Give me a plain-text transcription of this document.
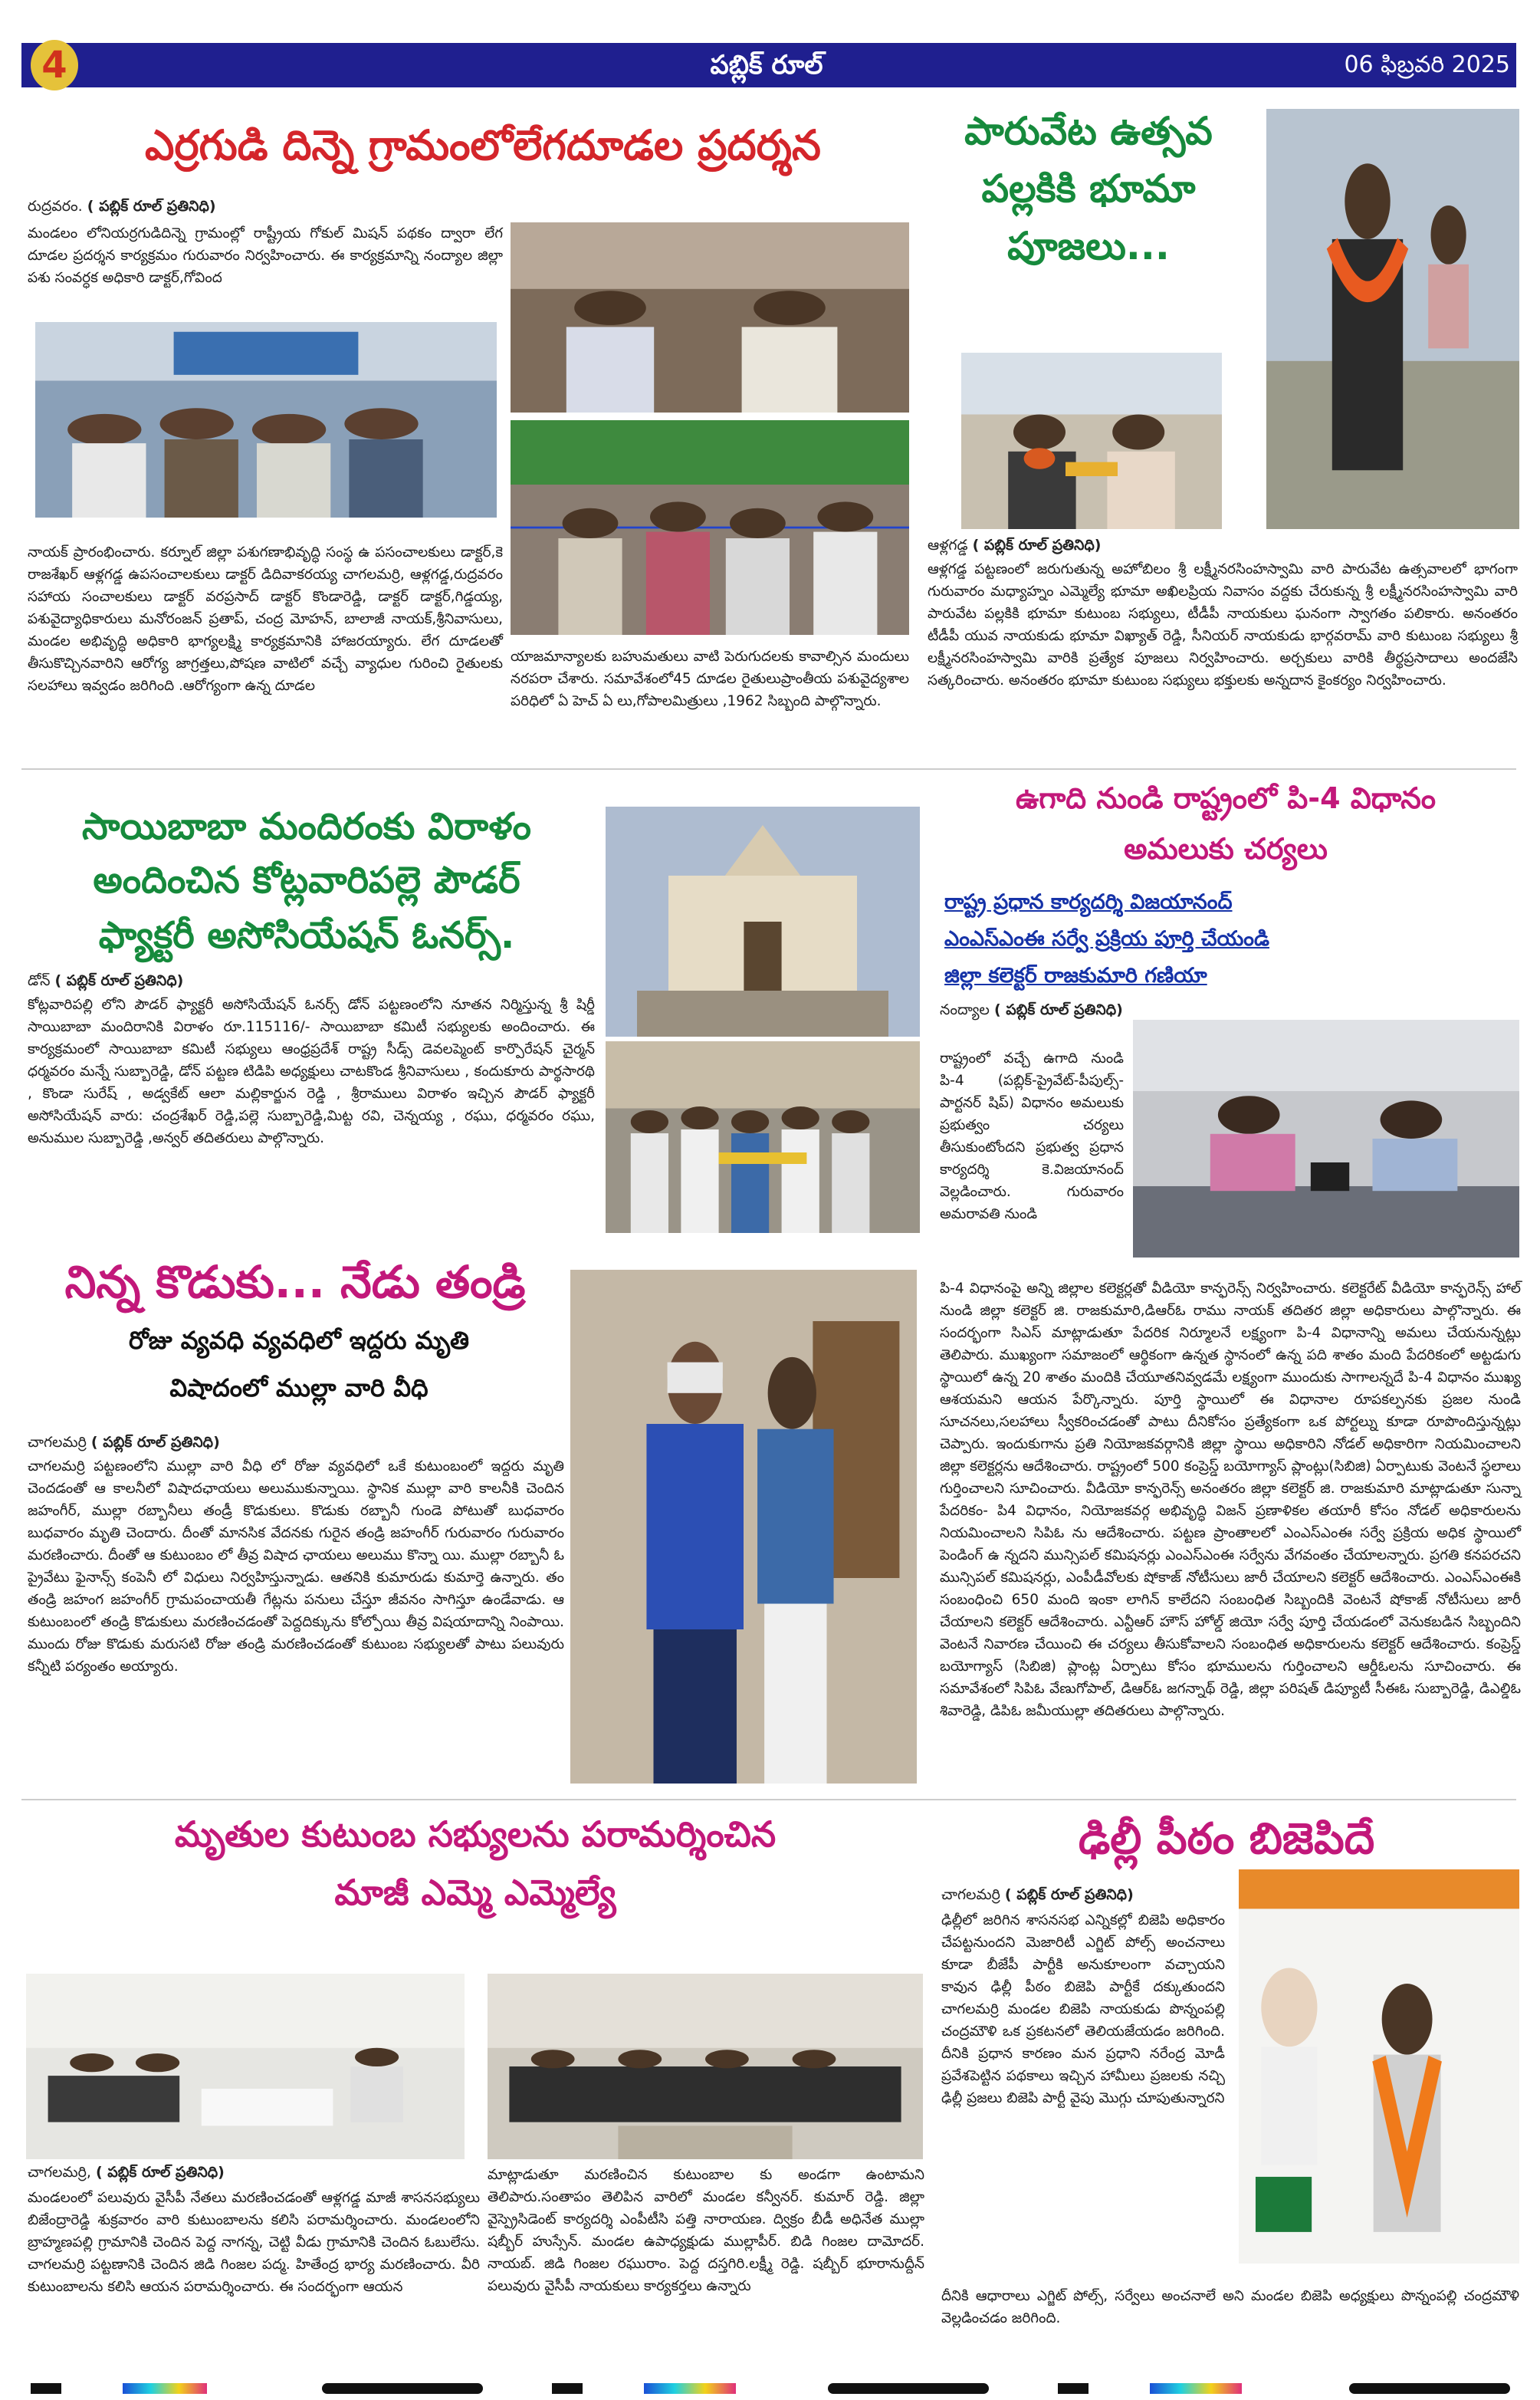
4	పబ్లిక్ రూల్	06 ఫిబ్రవరి 2025
ఎర్రగుడి దిన్నె గ్రామంలోలేగదూడల ప్రదర్శన
రుద్రవరం. ( పబ్లిక్ రూల్ ప్రతినిధి)
మండలం లోనియర్రగుడిదిన్నె గ్రామంల్లో రాష్ట్రీయ గోకుల్ మిషన్ పథకం ద్వారా లేగ దూడల ప్రదర్శన కార్యక్రమం గురువారం నిర్వహించారు. ఈ కార్యక్రమాన్ని నంద్యాల జిల్లా పశు సంవర్ధక అధికారి డాక్టర్,గోవింద
నాయక్ ప్రారంభించారు. కర్నూల్ జిల్లా పశుగణాభివృద్ధి సంస్థ ఉ పసంచాలకులు డాక్టర్,కె రాజశేఖర్ ఆళ్లగడ్డ ఉపసంచాలకులు డాక్టర్ డిదివాకరయ్య చాగలమర్రి, ఆళ్లగడ్డ,రుద్రవరం సహాయ సంచాలకులు డాక్టర్ వరప్రసాద్ డాక్టర్ కొండారెడ్డి, డాక్టర్ డాక్టర్,గిడ్డయ్య, పశువైద్యాధికారులు మనోరంజన్ ప్రతాప్, చంద్ర మోహన్, బాలాజీ నాయక్,శ్రీనివాసులు, మండల అభివృద్ధి అధికారి భాగ్యలక్ష్మి కార్యక్రమానికి హాజరయ్యారు. లేగ దూడలతో తీసుకొచ్చినవారిని ఆరోగ్య జాగ్రత్తలు,పోషణ వాటిలో వచ్చే వ్యాధుల గురించి రైతులకు సలహాలు ఇవ్వడం జరిగింది .ఆరోగ్యంగా ఉన్న దూడల
యాజమాన్యాలకు బహుమతులు వాటి పెరుగుదలకు కావాల్సిన మందులు నరపరా చేశారు. సమావేశంలో45 దూడల రైతులుప్రాంతీయ పశువైద్యశాల పరిధిలో ఏ హెచ్ ఏ లు,గోపాలమిత్రులు ,1962 సిబ్బంది పాల్గొన్నారు.
పారువేట ఉత్సవ
పల్లకికి భూమా
పూజలు...
ఆళ్లగడ్డ ( పబ్లిక్ రూల్ ప్రతినిధి)
ఆళ్లగడ్డ పట్టణంలో జరుగుతున్న అహోబిలం శ్రీ లక్ష్మీనరసింహస్వామి వారి పారువేట ఉత్సవాలలో భాగంగా గురువారం మధ్యాహ్నం ఎమ్మెల్యే భూమా అఖిలప్రియ నివాసం వద్దకు చేరుకున్న శ్రీ లక్ష్మీనరసింహస్వామి వారి పారువేట పల్లకికి భూమా కుటుంబ సభ్యులు, టీడీపీ నాయకులు ఘనంగా స్వాగతం పలికారు. అనంతరం టీడీపీ యువ నాయకుడు భూమా విఖ్యాత్ రెడ్డి, సీనియర్ నాయకుడు భార్గవరామ్ వారి కుటుంబ సభ్యులు శ్రీ లక్ష్మీనరసింహస్వామి వారికి ప్రత్యేక పూజలు నిర్వహించారు. అర్చకులు వారికి తీర్థప్రసాదాలు అందజేసి సత్కరించారు. అనంతరం భూమా కుటుంబ సభ్యులు భక్తులకు అన్నదాన కైంకర్యం నిర్వహించారు.
సాయిబాబా మందిరంకు విరాళం
అందించిన కోట్లవారిపల్లె పౌడర్
ఫ్యాక్టరీ అసోసియేషన్ ఓనర్స్.
డోన్ ( పబ్లిక్ రూల్ ప్రతినిధి)
కోట్లవారిపల్లి లోని పౌడర్ ఫ్యాక్టరీ అసోసియేషన్ ఓనర్స్ డోన్ పట్టణంలోని నూతన నిర్మిస్తున్న శ్రీ షిర్డీ సాయిబాబా మందిరానికి విరాళం రూ.115116/- సాయిబాబా కమిటీ సభ్యులకు అందించారు. ఈ కార్యక్రమంలో సాయిబాబా కమిటీ సభ్యులు ఆంధ్రప్రదేశ్ రాష్ట్ర సీడ్స్ డెవలప్మెంట్ కార్పొరేషన్ చైర్మన్ ధర్మవరం మన్నే సుబ్బారెడ్డి, డోన్ పట్టణ టిడిపి అధ్యక్షులు చాటకొండ శ్రీనివాసులు , కందుకూరు పార్థసారథి , కొండా సురేష్ , అడ్వకేట్ ఆలా మల్లికార్జున రెడ్డి , శ్రీరాములు విరాళం ఇచ్చిన పౌడర్ ఫ్యాక్టరీ అసోసియేషన్ వారు: చంద్రశేఖర్ రెడ్డి,పల్లె సుబ్బారెడ్డి,మిట్ట రవి, చెన్నయ్య , రఘు, ధర్మవరం రఘు, అనుముల సుబ్బారెడ్డి ,అన్వర్ తదితరులు పాల్గొన్నారు.
ఉగాది నుండి రాష్ట్రంలో పి-4 విధానం
అమలుకు చర్యలు
రాష్ట్ర ప్రధాన కార్యదర్శి విజయానంద్
ఎంఎస్ఎంఈ సర్వే ప్రక్రియ పూర్తి చేయండి
జిల్లా కలెక్టర్ రాజకుమారి గణియా
నంద్యాల ( పబ్లిక్ రూల్ ప్రతినిధి)
రాష్ట్రంలో వచ్చే ఉగాది నుండి పి-4 (పబ్లిక్-ప్రైవేట్-పీపుల్స్-పార్టనర్ షిప్) విధానం అమలుకు ప్రభుత్వం చర్యలు తీసుకుంటోందని ప్రభుత్వ ప్రధాన కార్యదర్శి కె.విజయానంద్ వెల్లడించారు. గురువారం అమరావతి నుండి
పి-4 విధానంపై అన్ని జిల్లాల కలెక్టర్లతో వీడియో కాన్ఫరెన్స్ నిర్వహించారు. కలెక్టరేట్ వీడియో కాన్ఫరెన్స్ హాల్ నుండి జిల్లా కలెక్టర్ జి. రాజకుమారి,డిఆర్ఓ రాము నాయక్ తదితర జిల్లా అధికారులు పాల్గొన్నారు. ఈ సందర్భంగా సిఎస్ మాట్లాడుతూ పేదరిక నిర్మూలనే లక్ష్యంగా పి-4 విధానాన్ని అమలు చేయనున్నట్లు తెలిపారు. ముఖ్యంగా సమాజంలో ఆర్థికంగా ఉన్నత స్థానంలో ఉన్న పది శాతం మంది పేదరికంలో అట్టడుగు స్థాయిలో ఉన్న 20 శాతం మందికి చేయూతనివ్వడమే లక్ష్యంగా ముందుకు సాగాలన్నదే పి-4 విధానం ముఖ్య ఆశయమని ఆయన పేర్కొన్నారు. పూర్తి స్థాయిలో ఈ విధానాల రూపకల్పనకు ప్రజల నుండి సూచనలు,సలహాలు స్వీకరించడంతో పాటు దీనికోసం ప్రత్యేకంగా ఒక పోర్టల్ను కూడా రూపొందిస్తున్నట్లు చెప్పారు. ఇందుకుగాను ప్రతి నియోజకవర్గానికి జిల్లా స్థాయి అధికారిని నోడల్ అధికారిగా నియమించాలని జిల్లా కలెక్టర్లను ఆదేశించారు. రాష్ట్రంలో 500 కంప్రెస్డ్ బయోగ్యాస్ ప్లాంట్లు(సిబిజి) ఏర్పాటుకు వెంటనే స్థలాలు గుర్తించాలని సూచించారు. వీడియో కాన్ఫరెన్స్ అనంతరం జిల్లా కలెక్టర్ జి. రాజకుమారి మాట్లాడుతూ సున్నా పేదరికం- పి4 విధానం, నియోజకవర్గ అభివృద్ధి విజన్ ప్రణాళికల తయారీ కోసం నోడల్ అధికారులను నియమించాలని సిపిఓ ను ఆదేశించారు. పట్టణ ప్రాంతాలలో ఎంఎస్ఎంఈ సర్వే ప్రక్రియ అధిక స్థాయిలో పెండింగ్ ఉ న్నదని మున్సిపల్ కమిషనర్లు ఎంఎస్ఎంఈ సర్వేను వేగవంతం చేయాలన్నారు. ప్రగతి కనపరచని మున్సిపల్ కమిషనర్లు, ఎంపీడీవోలకు షోకాజ్ నోటీసులు జారీ చేయాలని కలెక్టర్ ఆదేశించారు. ఎంఎస్ఎంఈకి సంబంధించి 650 మంది ఇంకా లాగిన్ కాలేదని సంబంధిత సిబ్బందికి వెంటనే షోకాజ్ నోటీసులు జారీ చేయాలని కలెక్టర్ ఆదేశించారు. ఎన్టీఆర్ హౌస్ హోల్డ్ జియో సర్వే పూర్తి చేయడంలో వెనుకబడిన సిబ్బందిని వెంటనే నివారణ చేయించి ఈ చర్యలు తీసుకోవాలని సంబంధిత అధికారులను కలెక్టర్ ఆదేశించారు. కంప్రెస్డ్ బయోగ్యాస్ (సిబిజి) ప్లాంట్ల ఏర్పాటు కోసం భూములను గుర్తించాలని ఆర్డీఓలను సూచించారు. ఈ సమావేశంలో సిపిఓ వేణుగోపాల్, డిఆర్ఓ జగన్నాథ్ రెడ్డి, జిల్లా పరిషత్ డిప్యూటీ సీఈఓ సుబ్బారెడ్డి, డిఎల్డిఓ శివారెడ్డి, డిపిఓ జమీయుల్లా తదితరులు పాల్గొన్నారు.
నిన్న కొడుకు... నేడు తండ్రి
రోజు వ్యవధి వ్యవధిలో ఇద్దరు మృతి
విషాదంలో ముల్లా వారి వీధి
చాగలమర్రి ( పబ్లిక్ రూల్ ప్రతినిధి)
చాగలమర్రి పట్టణంలోని ముల్లా వారి వీధి లో రోజు వ్యవధిలో ఒకే కుటుంబంలో ఇద్దరు మృతి చెందడంతో ఆ కాలనీలో విషాదఛాయలు అలుముకున్నాయి. స్థానిక ముల్లా వారి కాలనీకి చెందిన జహంగీర్, ముల్లా రబ్బానీలు తండ్రీ కొడుకులు. కొడుకు రబ్బానీ గుండె పోటుతో బుధవారం బుధవారం మృతి చెందారు. దీంతో మానసిక వేదనకు గురైన తండ్రి జహంగీర్ గురువారం గురువారం మరణించారు. దీంతో ఆ కుటుంబం లో తీవ్ర విషాద ఛాయలు అలుము కొన్నా యి. ముల్లా రబ్బానీ ఓ ప్రైవేటు ఫైనాన్స్ కంపెనీ లో విధులు నిర్వహిస్తున్నాడు. ఆతనికి కుమారుడు కుమార్తె ఉన్నారు. తం తండ్రి జహంగ జహంగీర్ గ్రామపంచాయతీ గేట్లను పనులు చేస్తూ జీవనం సాగిస్తూ ఉండేవాడు. ఆ కుటుంబంలో తండ్రి కొడుకులు మరణించడంతో పెద్దదిక్కును కోల్పోయి తీవ్ర విషయాదాన్ని నింపాయి. ముందు రోజు కొడుకు మరుసటి రోజు తండ్రి మరణించడంతో కుటుంబ సభ్యులతో పాటు పలువురు కన్నీటి పర్యంతం అయ్యారు.
మృతుల కుటుంబ సభ్యులను పరామర్శించిన
మాజీ ఎమ్మె ఎమ్మెల్యే
చాగలమర్రి, ( పబ్లిక్ రూల్ ప్రతినిధి)
మండలంలో పలువురు వైసీపీ నేతలు మరణించడంతో ఆళ్లగడ్డ మాజీ శాసనసభ్యులు బిజేంద్రారెడ్డి శుక్రవారం వారి కుటుంబాలను కలిసి పరామర్శించారు. మండలంలోని బ్రాహ్మణపల్లి గ్రామానికి చెందిన పెద్ద నాగన్న, చెట్టి వీడు గ్రామానికి చెందిన ఓబులేసు. చాగలమర్రి పట్టణానికి చెందిన జిడి గింజల పద్మ. హితేంద్ర భార్య మరణించారు. వీరి కుటుంబాలను కలిసి ఆయన పరామర్శించారు. ఈ సందర్భంగా ఆయన
మాట్లాడుతూ మరణించిన కుటుంబాల కు అండగా ఉంటామని తెలిపారు.సంతాపం తెలిపిన వారిలో మండల కన్వీనర్. కుమార్ రెడ్డి. జిల్లా వైస్ప్రెసిడెంట్ కార్యదర్శి ఎంపీటీసి పత్తి నారాయణ. ద్విక్రం బీడీ అధినేత ముల్లా షబ్బీర్ హుస్సేన్. మండల ఉపాధ్యక్షుడు ముల్లాపీర్. బిడి గింజల దామోదర్. నాయబ్. జిడి గింజల రఘురాం. పెద్ద దస్తగిరి.లక్ష్మీ రెడ్డి. షబ్బీర్ భూరానుద్దీన్ పలువురు వైసీపీ నాయకులు కార్యకర్తలు ఉన్నారు
ఢిల్లీ పీఠం బిజెపిదే
చాగలమర్రి ( పబ్లిక్ రూల్ ప్రతినిధి)
ఢిల్లీలో జరిగిన శాసనసభ ఎన్నికల్లో బిజెపి అధికారం చేపట్టనుందని మెజారిటీ ఎగ్జిట్ పోల్స్ అంచనాలు కూడా బీజేపీ పార్టీకి అనుకూలంగా వచ్చాయని కావున ఢిల్లీ పీఠం బిజెపి పార్టీకే దక్కుతుందని చాగలమర్రి మండల బిజెపి నాయకుడు పొన్నంపల్లి చంద్రమౌళి ఒక ప్రకటనలో తెలియజేయడం జరిగింది. దీనికి ప్రధాన కారణం మన ప్రధాని నరేంద్ర మోడీ ప్రవేశపెట్టిన పథకాలు ఇచ్చిన హామీలు ప్రజలకు నచ్చి ఢిల్లీ ప్రజలు బిజెపి పార్టీ వైపు మొగ్గు చూపుతున్నారని
దీనికి ఆధారాలు ఎగ్జిట్ పోల్స్, సర్వేలు అంచనాలే అని మండల బిజెపి అధ్యక్షులు పొన్నంపల్లి చంద్రమౌళి వెల్లడించడం జరిగింది.
